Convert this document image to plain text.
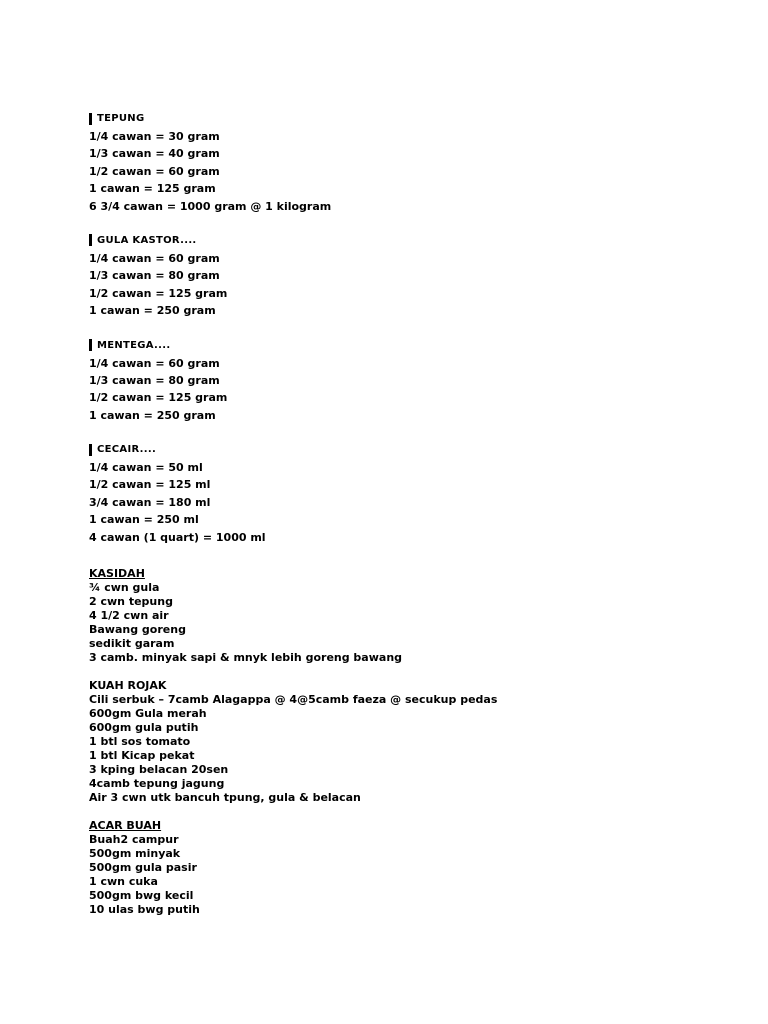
TEPUNG
1/4 cawan = 30 gram
1/3 cawan = 40 gram
1/2 cawan = 60 gram
1 cawan = 125 gram
6 3/4 cawan = 1000 gram @ 1 kilogram
GULA KASTOR....
1/4 cawan = 60 gram
1/3 cawan = 80 gram
1/2 cawan = 125 gram
1 cawan = 250 gram
MENTEGA....
1/4 cawan = 60 gram
1/3 cawan = 80 gram
1/2 cawan = 125 gram
1 cawan = 250 gram
CECAIR....
1/4 cawan = 50 ml
1/2 cawan = 125 ml
3/4 cawan = 180 ml
1 cawan = 250 ml
4 cawan (1 quart) = 1000 ml
KASIDAH
¾ cwn gula
2 cwn tepung
4 1/2 cwn air
Bawang goreng
sedikit garam
3 camb. minyak sapi & mnyk lebih goreng bawang
KUAH ROJAK
Cili serbuk – 7camb Alagappa @ 4@5camb faeza @ secukup pedas
600gm Gula merah
600gm gula putih
1 btl sos tomato
1 btl Kicap pekat
3 kping belacan 20sen
4camb tepung jagung
Air 3 cwn utk bancuh tpung, gula & belacan
ACAR BUAH
Buah2 campur
500gm minyak
500gm gula pasir
1 cwn cuka
500gm bwg kecil
10 ulas bwg putih
